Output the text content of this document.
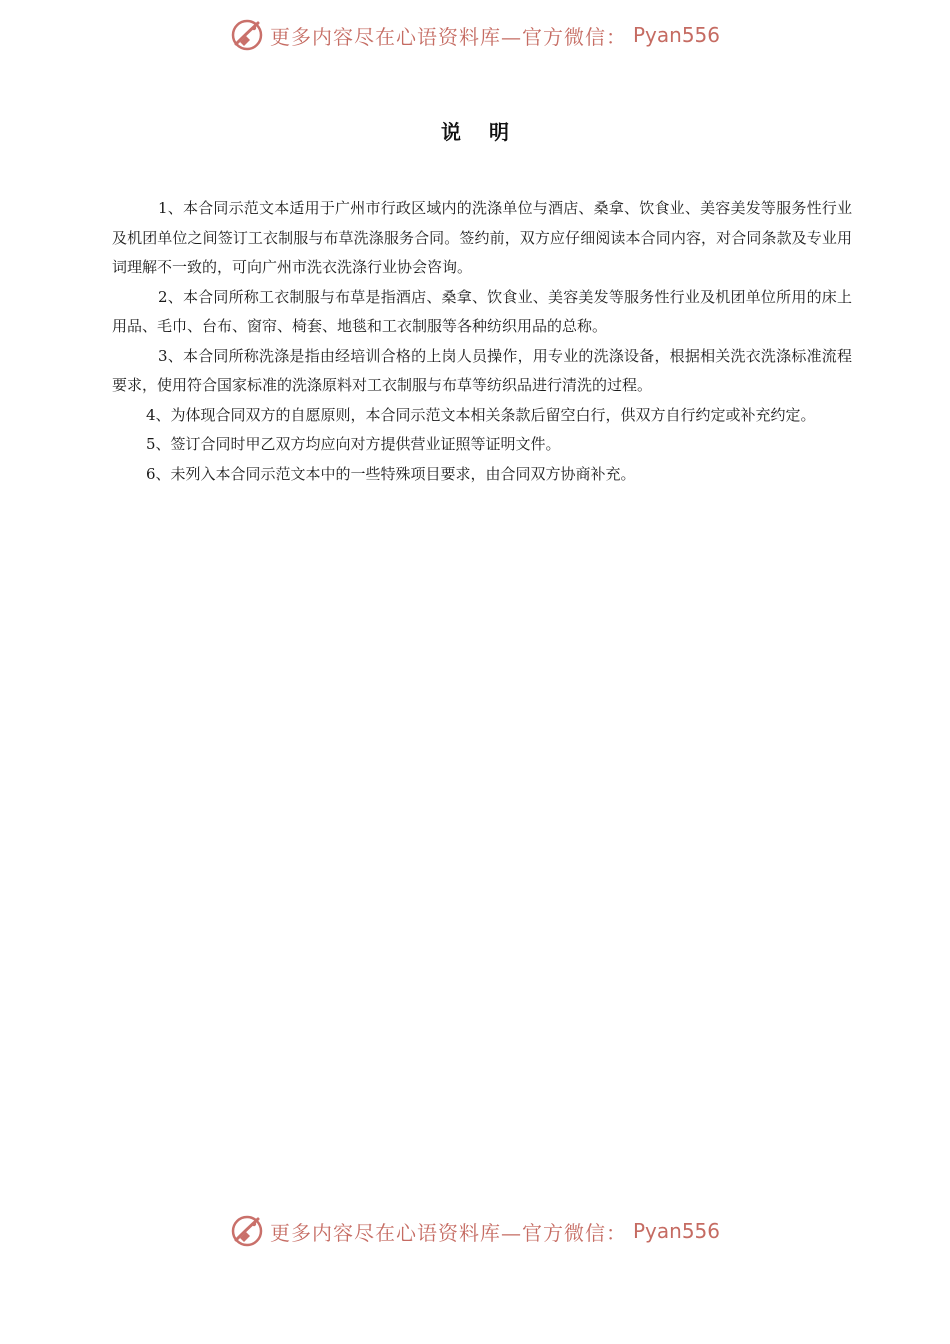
更多内容尽在心语资料库—官方微信： Pyan556
说明

1、本合同示范文本适用于广州市行政区域内的洗涤单位与酒店、桑拿、饮食业、美容美发等服务性行业及机团单位之间签订工衣制服与布草洗涤服务合同。签约前，双方应仔细阅读本合同内容，对合同条款及专业用词理解不一致的，可向广州市洗衣洗涤行业协会咨询。

2、本合同所称工衣制服与布草是指酒店、桑拿、饮食业、美容美发等服务性行业及机团单位所用的床上用品、毛巾、台布、窗帘、椅套、地毯和工衣制服等各种纺织用品的总称。

3、本合同所称洗涤是指由经培训合格的上岗人员操作，用专业的洗涤设备，根据相关洗衣洗涤标准流程要求，使用符合国家标准的洗涤原料对工衣制服与布草等纺织品进行清洗的过程。

4、为体现合同双方的自愿原则，本合同示范文本相关条款后留空白行，供双方自行约定或补充约定。

5、签订合同时甲乙双方均应向对方提供营业证照等证明文件。

6、未列入本合同示范文本中的一些特殊项目要求，由合同双方协商补充。

更多内容尽在心语资料库—官方微信： Pyan556
